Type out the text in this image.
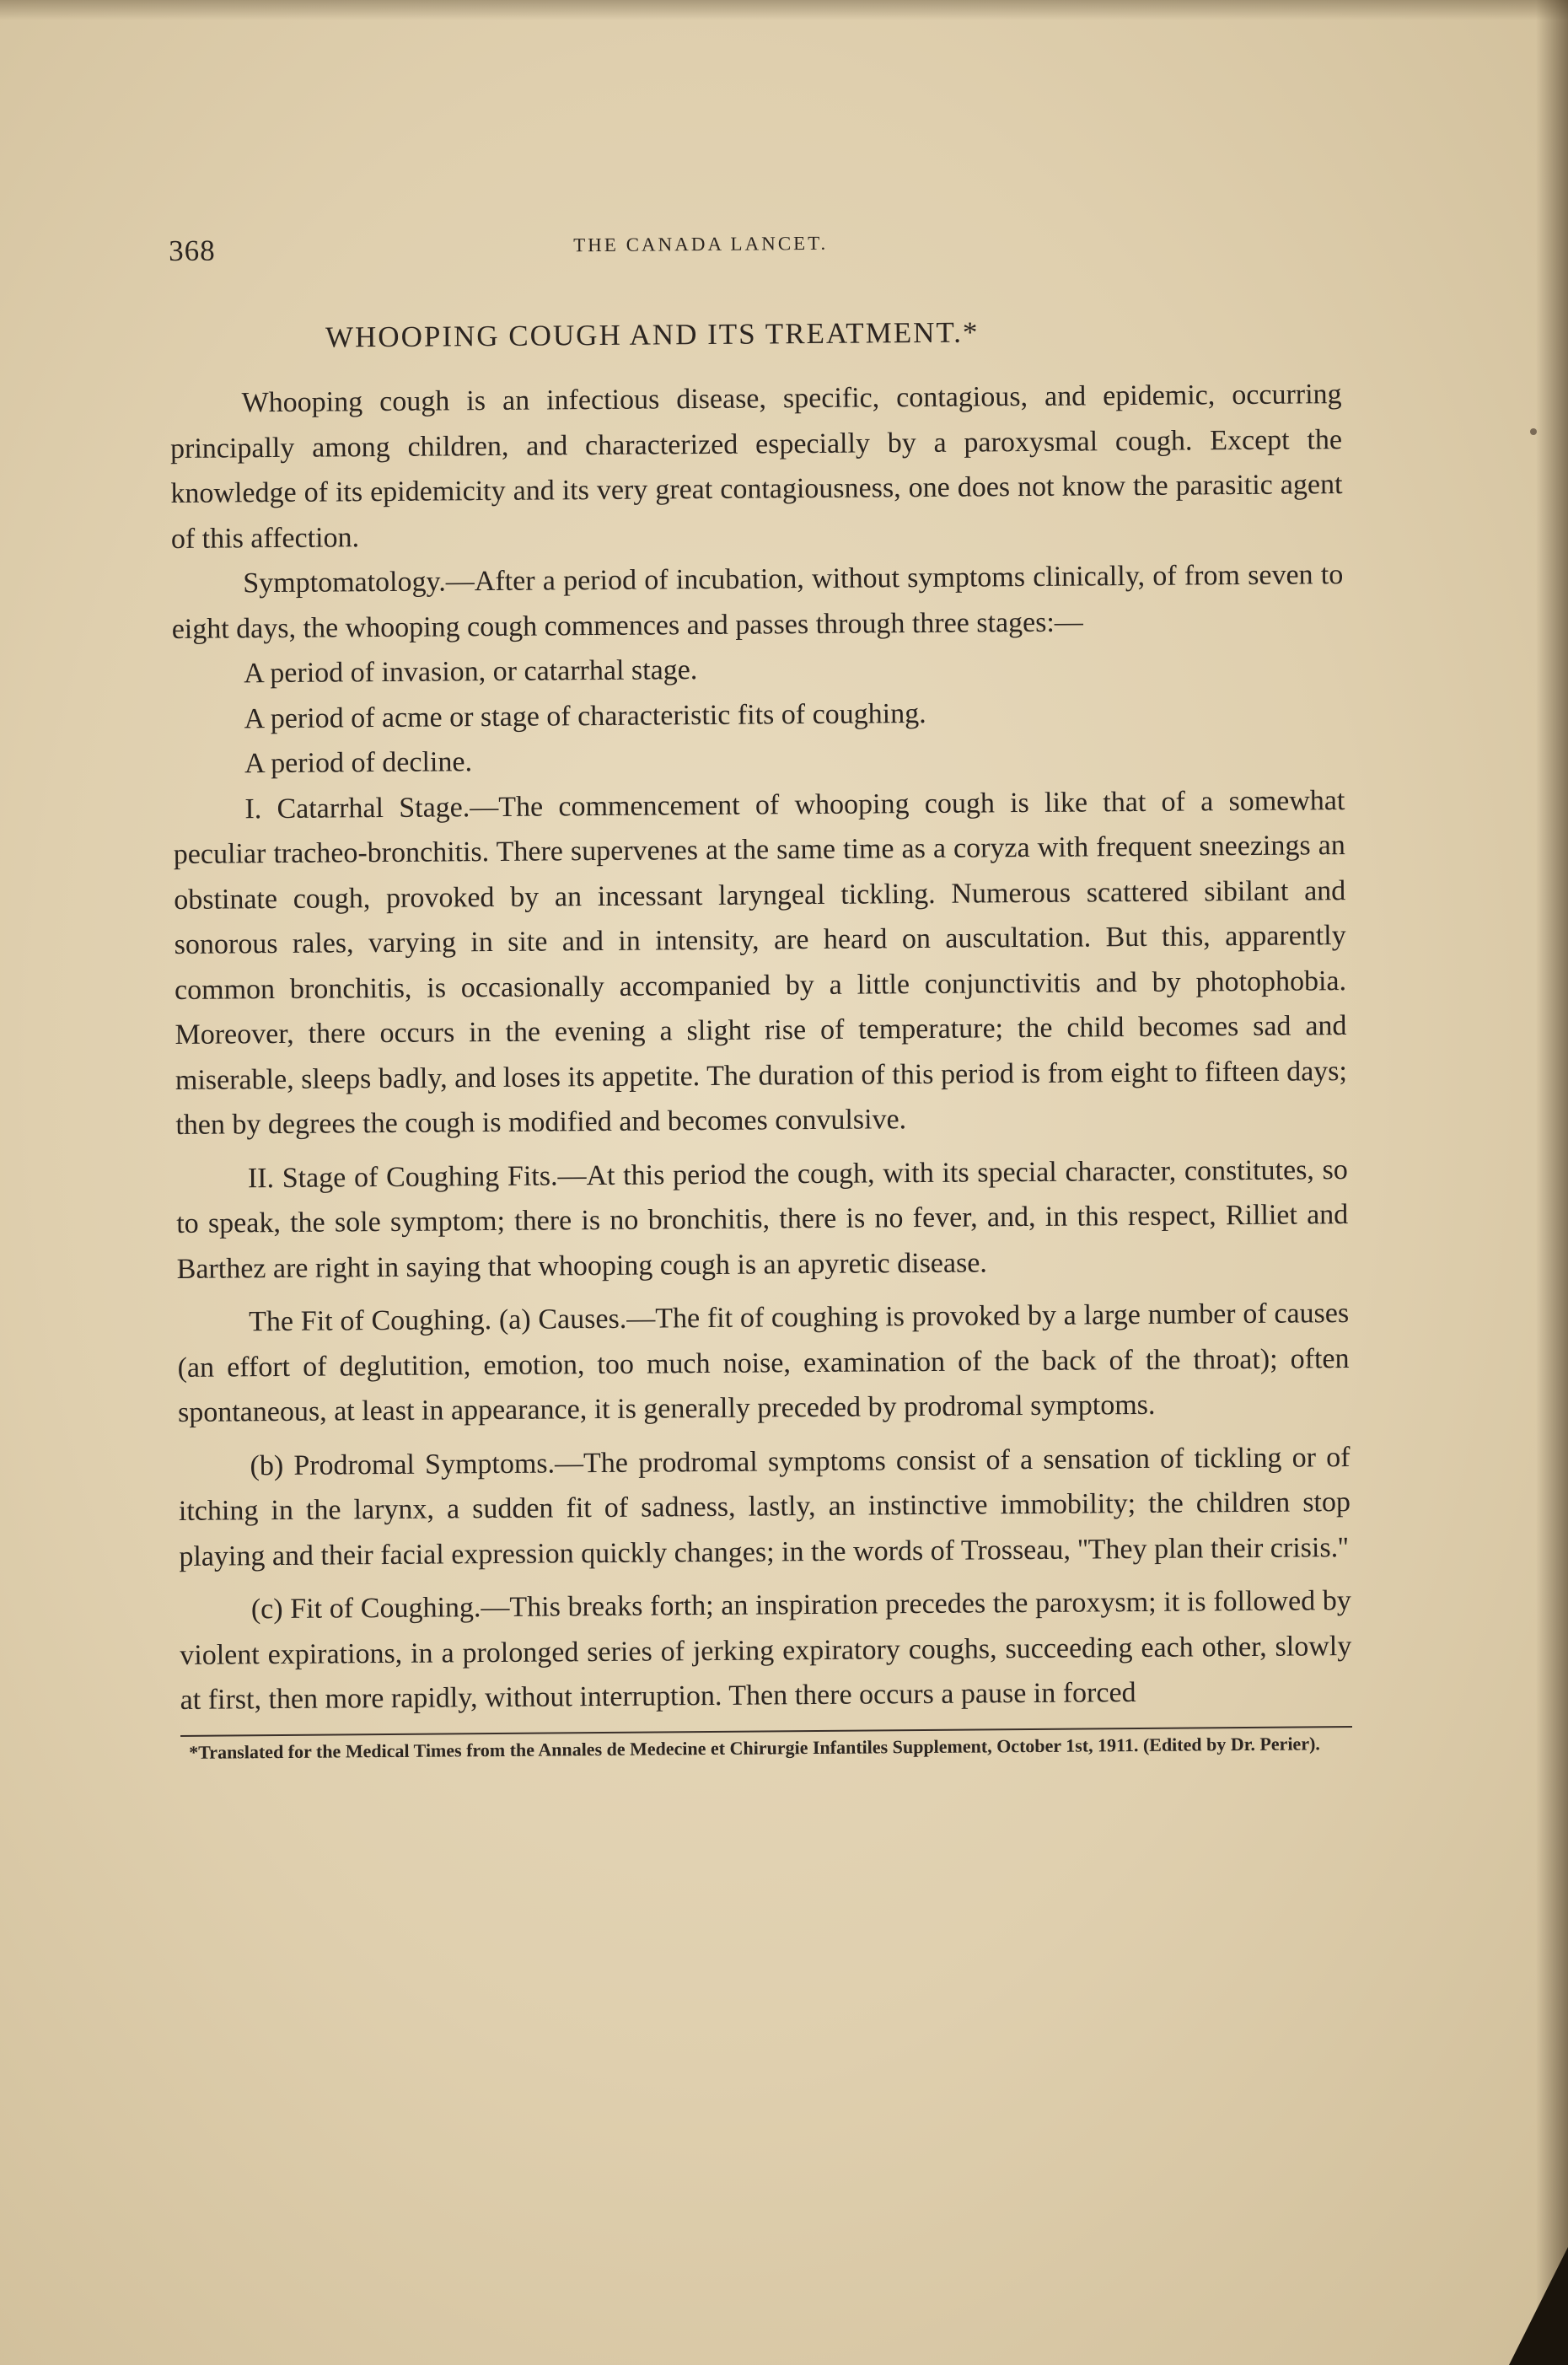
368	THE CANADA LANCET.
WHOOPING COUGH AND ITS TREATMENT.*

Whooping cough is an infectious disease, specific, contagious, and epidemic, occurring principally among children, and characterized especially by a paroxysmal cough. Except the knowledge of its epidemicity and its very great contagiousness, one does not know the parasitic agent of this affection.

Symptomatology.—After a period of incubation, without symptoms clinically, of from seven to eight days, the whooping cough commences and passes through three stages:—

A period of invasion, or catarrhal stage.

A period of acme or stage of characteristic fits of coughing.

A period of decline.

I. Catarrhal Stage.—The commencement of whooping cough is like that of a somewhat peculiar tracheo-bronchitis. There supervenes at the same time as a coryza with frequent sneezings an obstinate cough, provoked by an incessant laryngeal tickling. Numerous scattered sibilant and sonorous rales, varying in site and in intensity, are heard on auscultation. But this, apparently common bronchitis, is occasionally accompanied by a little conjunctivitis and by photophobia. Moreover, there occurs in the evening a slight rise of temperature; the child becomes sad and miserable, sleeps badly, and loses its appetite. The duration of this period is from eight to fifteen days; then by degrees the cough is modified and becomes convulsive.

II. Stage of Coughing Fits.—At this period the cough, with its special character, constitutes, so to speak, the sole symptom; there is no bronchitis, there is no fever, and, in this respect, Rilliet and Barthez are right in saying that whooping cough is an apyretic disease.

The Fit of Coughing. (a) Causes.—The fit of coughing is provoked by a large number of causes (an effort of deglutition, emotion, too much noise, examination of the back of the throat); often spontaneous, at least in appearance, it is generally preceded by prodromal symptoms.

(b) Prodromal Symptoms.—The prodromal symptoms consist of a sensation of tickling or of itching in the larynx, a sudden fit of sadness, lastly, an instinctive immobility; the children stop playing and their facial expression quickly changes; in the words of Trosseau, ''They plan their crisis.''

(c) Fit of Coughing.—This breaks forth; an inspiration precedes the paroxysm; it is followed by violent expirations, in a prolonged series of jerking expiratory coughs, succeeding each other, slowly at first, then more rapidly, without interruption. Then there occurs a pause in forced

*Translated for the Medical Times from the Annales de Medecine et Chirurgie Infantiles Supplement, October 1st, 1911. (Edited by Dr. Perier).
